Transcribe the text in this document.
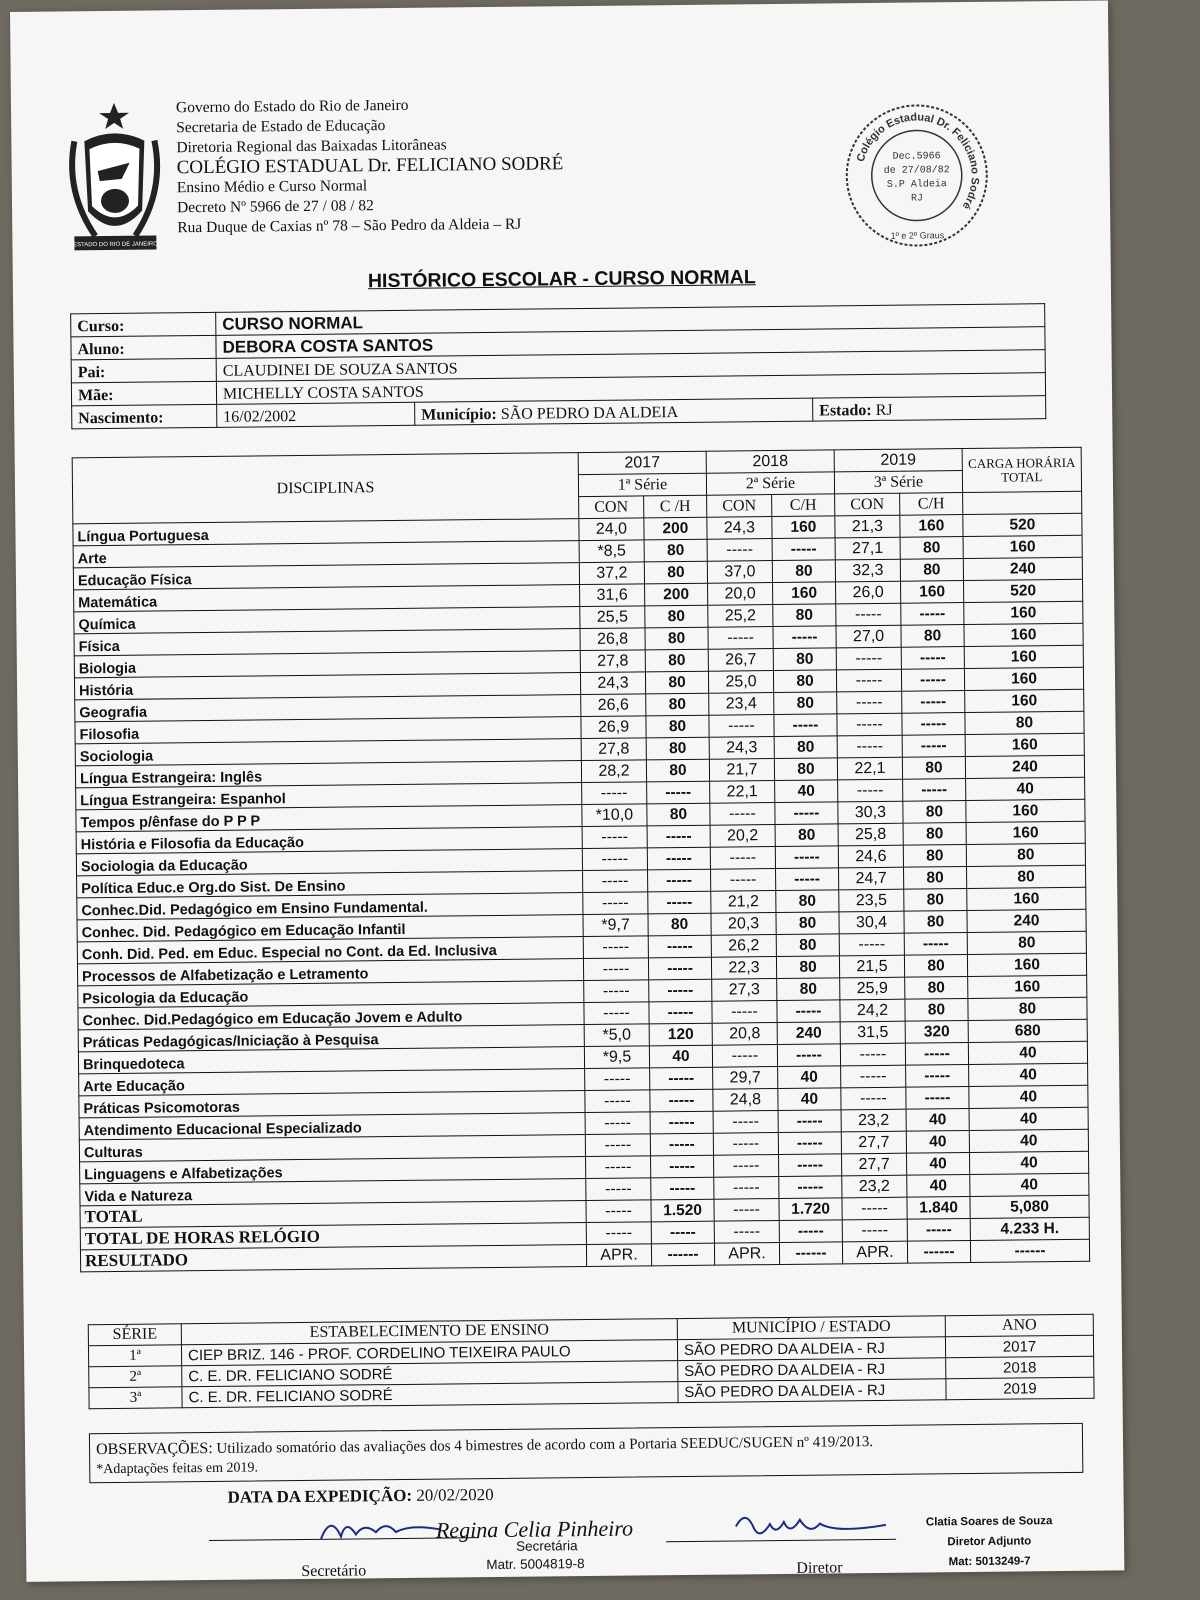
ESTADO DO RIO DE JANEIRO
Governo do Estado do Rio de Janeiro
Secretaria de Estado de Educação
Diretoria Regional das Baixadas Litorâneas
COLÉGIO ESTADUAL Dr. FELICIANO SODRÉ
Ensino Médio e Curso Normal
Decreto Nº 5966 de 27 / 08 / 82
Rua Duque de Caxias nº 78 – São Pedro da Aldeia – RJ
Colégio Estadual Dr. Feliciano Sodré
1º e 2º Graus
Dec.5966
de 27/08/82
S.P Aldeia
RJ
HISTÓRICO ESCOLAR - CURSO NORMAL
Curso:	CURSO NORMAL		
Aluno:	DEBORA COSTA SANTOS		
Pai:	CLAUDINEI DE SOUZA SANTOS		
Mãe:	MICHELLY COSTA SANTOS		
Nascimento:	16/02/2002	Município: SÃO PEDRO DA ALDEIA	Estado: RJ
DISCIPLINAS	2017		2018		2019		CARGA HORÁRIA TOTAL
	1ª Série		2ª Série		3ª Série		
	CON	C /H	CON	C/H	CON	C/H	
Língua Portuguesa	24,0	200	24,3	160	21,3	160	520
Arte	*8,5	80	-----	-----	27,1	80	160
Educação Física	37,2	80	37,0	80	32,3	80	240
Matemática	31,6	200	20,0	160	26,0	160	520
Química	25,5	80	25,2	80	-----	-----	160
Física	26,8	80	-----	-----	27,0	80	160
Biologia	27,8	80	26,7	80	-----	-----	160
História	24,3	80	25,0	80	-----	-----	160
Geografia	26,6	80	23,4	80	-----	-----	160
Filosofia	26,9	80	-----	-----	-----	-----	80
Sociologia	27,8	80	24,3	80	-----	-----	160
Língua Estrangeira: Inglês	28,2	80	21,7	80	22,1	80	240
Língua Estrangeira: Espanhol	-----	-----	22,1	40	-----	-----	40
Tempos p/ênfase do P P P	*10,0	80	-----	-----	30,3	80	160
História e Filosofia da Educação	-----	-----	20,2	80	25,8	80	160
Sociologia da Educação	-----	-----	-----	-----	24,6	80	80
Política Educ.e Org.do Sist. De Ensino	-----	-----	-----	-----	24,7	80	80
Conhec.Did. Pedagógico em Ensino Fundamental.	-----	-----	21,2	80	23,5	80	160
Conhec. Did. Pedagógico em Educação Infantil	*9,7	80	20,3	80	30,4	80	240
Conh. Did. Ped. em Educ. Especial no Cont. da Ed. Inclusiva	-----	-----	26,2	80	-----	-----	80
Processos de Alfabetização e Letramento	-----	-----	22,3	80	21,5	80	160
Psicologia da Educação	-----	-----	27,3	80	25,9	80	160
Conhec. Did.Pedagógico em Educação Jovem e Adulto	-----	-----	-----	-----	24,2	80	80
Práticas Pedagógicas/Iniciação à Pesquisa	*5,0	120	20,8	240	31,5	320	680
Brinquedoteca	*9,5	40	-----	-----	-----	-----	40
Arte Educação	-----	-----	29,7	40	-----	-----	40
Práticas Psicomotoras	-----	-----	24,8	40	-----	-----	40
Atendimento Educacional Especializado	-----	-----	-----	-----	23,2	40	40
Culturas	-----	-----	-----	-----	27,7	40	40
Linguagens e Alfabetizações	-----	-----	-----	-----	27,7	40	40
Vida e Natureza	-----	-----	-----	-----	23,2	40	40
TOTAL	-----	1.520	-----	1.720	-----	1.840	5,080
TOTAL DE HORAS RELÓGIO	-----	-----	-----	-----	-----	-----	4.233 H.
RESULTADO	APR.	------	APR.	------	APR.	------	------
SÉRIE	ESTABELECIMENTO DE ENSINO	MUNICÍPIO / ESTADO	ANO
1ª	CIEP BRIZ. 146 - PROF. CORDELINO TEIXEIRA PAULO	SÃO PEDRO DA ALDEIA - RJ	2017
2ª	C. E. DR. FELICIANO SODRÉ	SÃO PEDRO DA ALDEIA - RJ	2018
3ª	C. E. DR. FELICIANO SODRÉ	SÃO PEDRO DA ALDEIA - RJ	2019
OBSERVAÇÕES: Utilizado somatório das avaliações dos 4 bimestres de acordo com a Portaria SEEDUC/SUGEN nº 419/2013.
*Adaptações feitas em 2019.
DATA DA EXPEDIÇÃO: 20/02/2020
Regina Celia Pinheiro
Secretária
Matr. 5004819-8
Secretário	Diretor
Clatia Soares de Souza
Diretor Adjunto
Mat: 5013249-7
